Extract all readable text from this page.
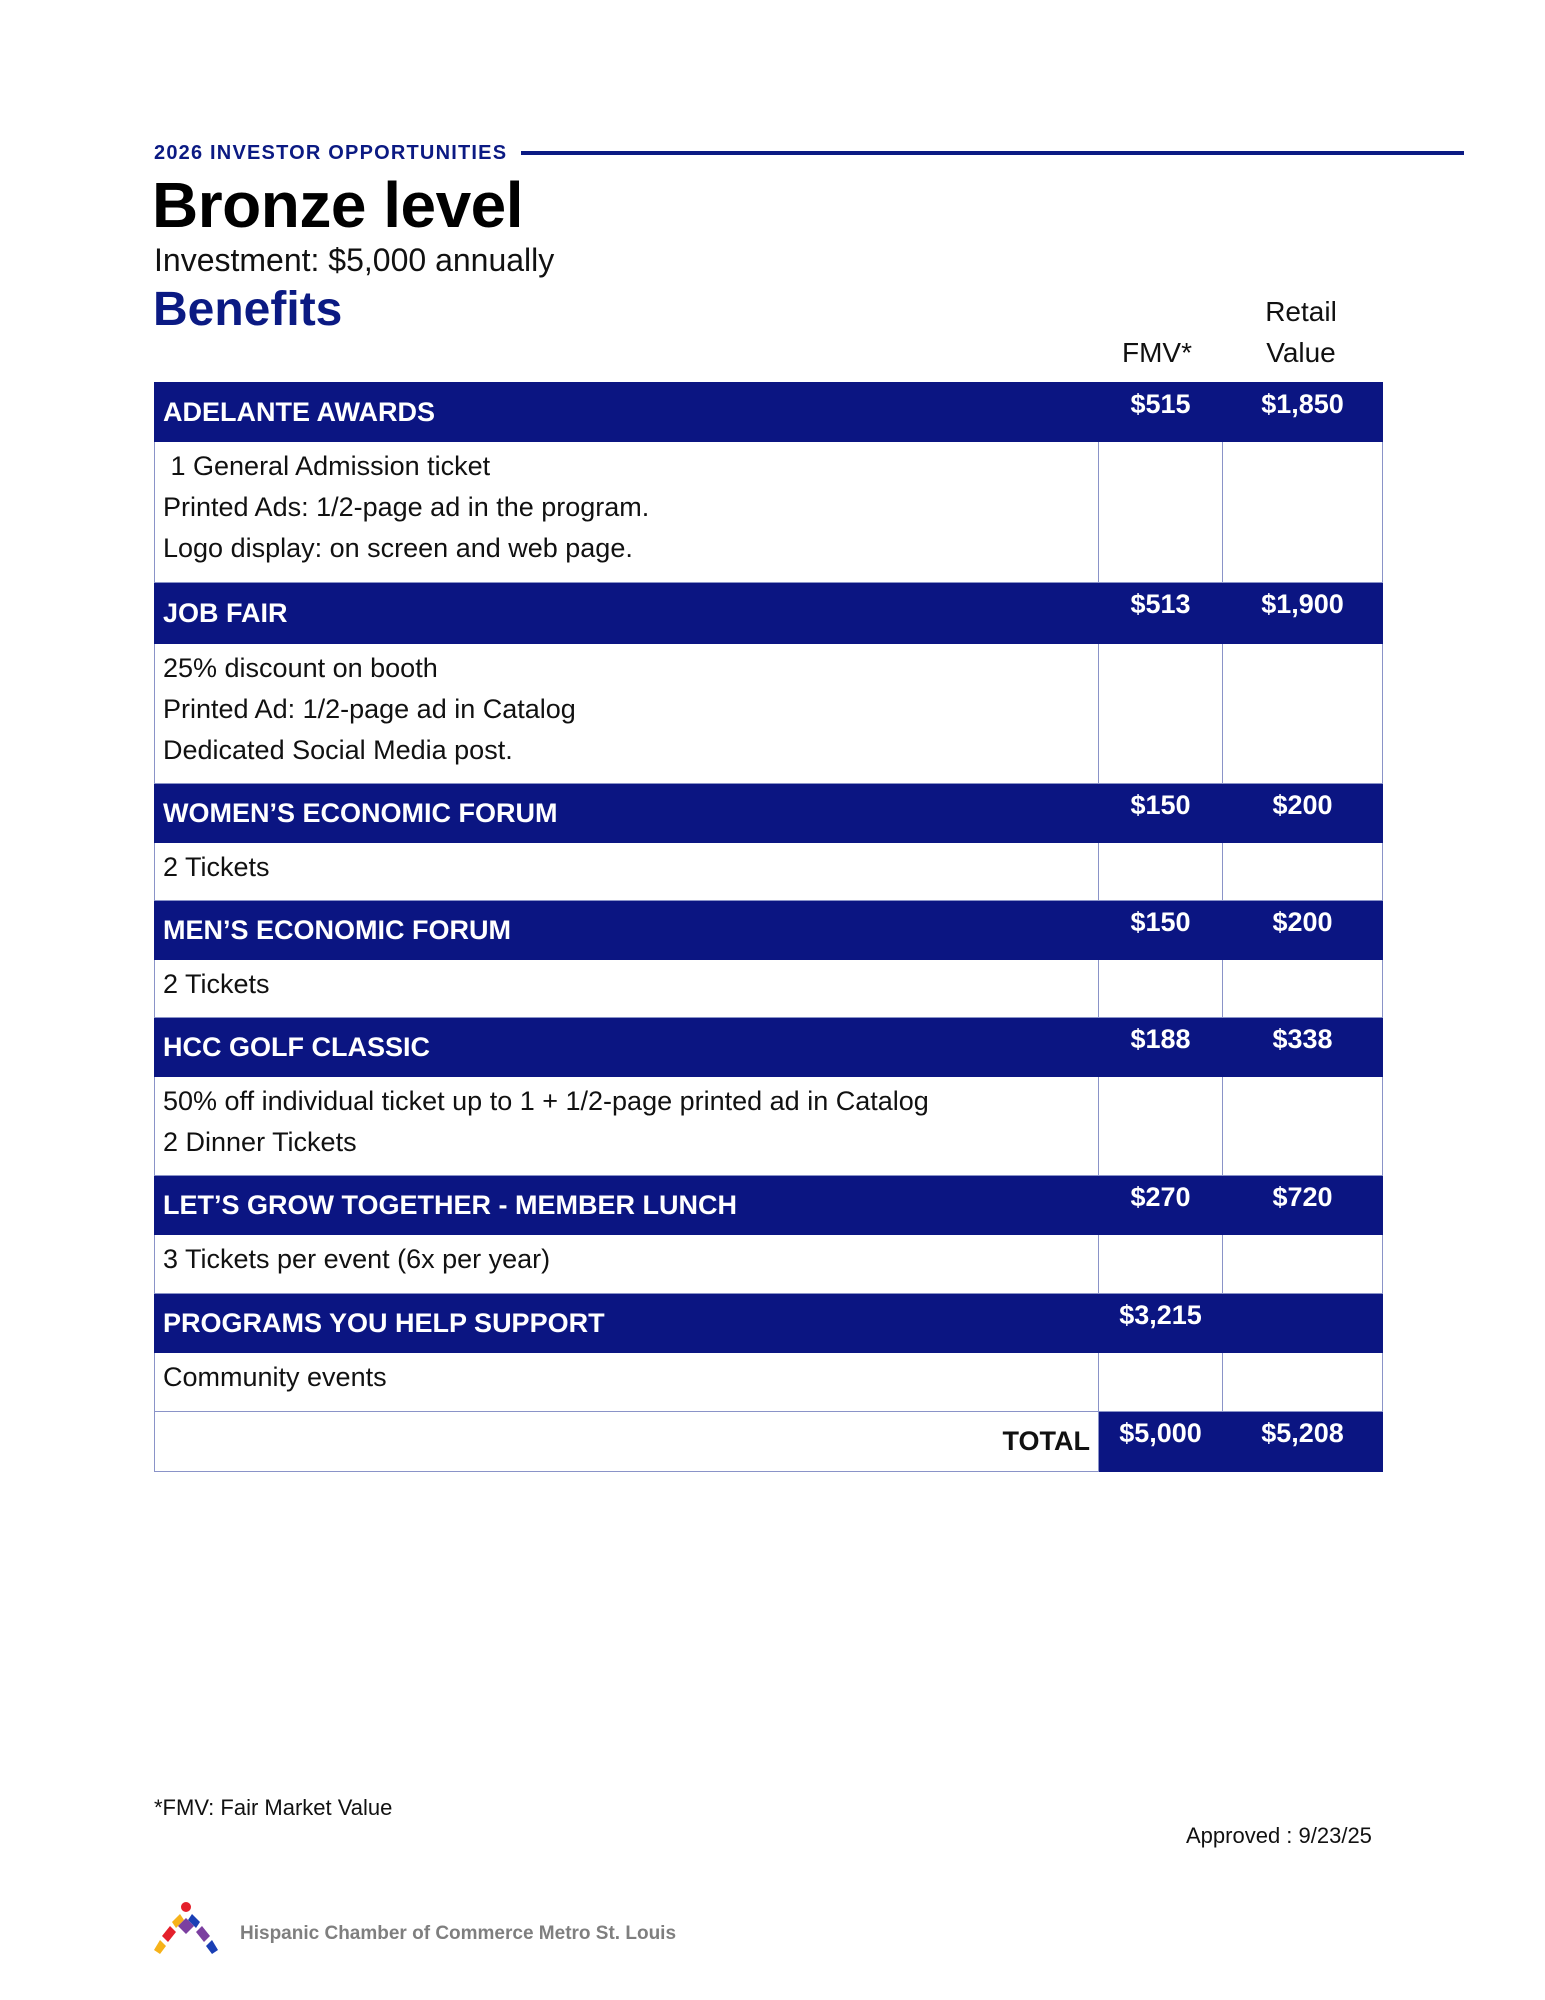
2026 INVESTOR OPPORTUNITIES
Bronze level
Investment: $5,000 annually
Benefits
FMV*
Retail
Value
ADELANTE AWARDS	$515	$1,850

1 General Admission ticket
Printed Ads: 1/2-page ad in the program.
Logo display: on screen and web page.		

JOB FAIR	$513	$1,900

25% discount on booth
Printed Ad: 1/2-page ad in Catalog
Dedicated Social Media post.		

WOMEN’S ECONOMIC FORUM	$150	$200

2 Tickets		

MEN’S ECONOMIC FORUM	$150	$200

2 Tickets		

HCC GOLF CLASSIC	$188	$338

50% off individual ticket up to 1 + 1/2-page printed ad in Catalog
2 Dinner Tickets		

LET’S GROW TOGETHER - MEMBER LUNCH	$270	$720

3 Tickets per event (6x per year)		

PROGRAMS YOU HELP SUPPORT	$3,215	

Community events		

TOTAL	$5,000	$5,208
*FMV: Fair Market Value
Approved : 9/23/25
Hispanic Chamber of Commerce Metro St. Louis
